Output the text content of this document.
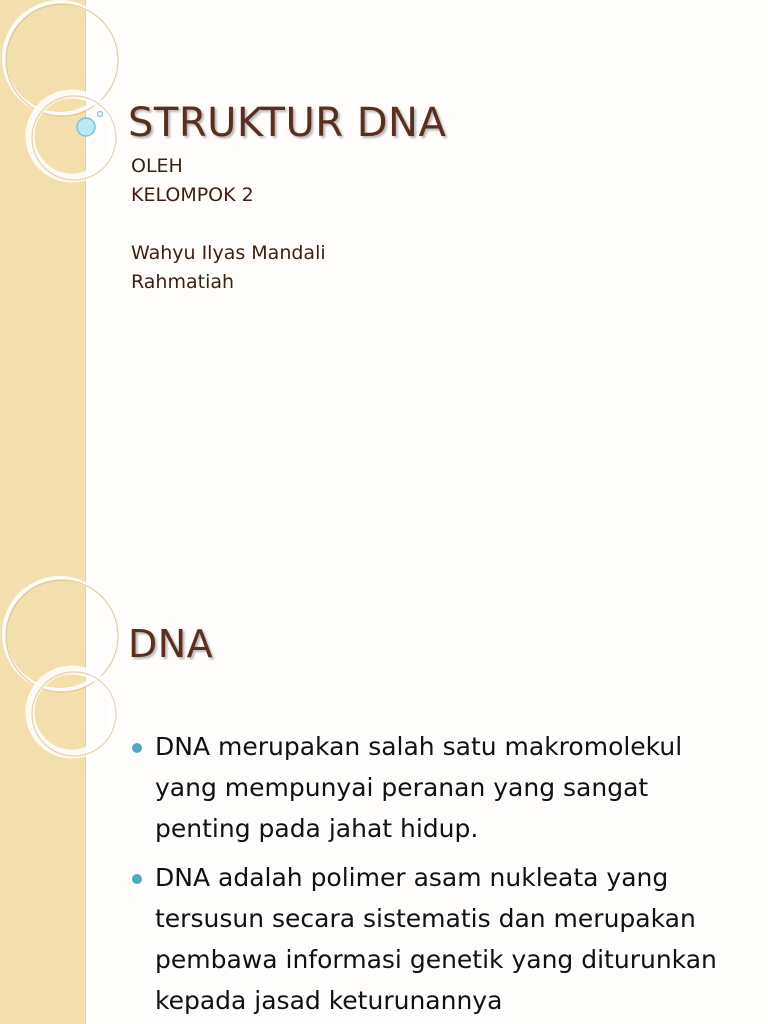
STRUKTUR DNA
OLEH
KELOMPOK 2
Wahyu Ilyas Mandali
Rahmatiah
DNA
DNA merupakan salah satu makromolekul yang mempunyai peranan yang sangat penting pada jahat hidup.
DNA adalah polimer asam nukleata yang tersusun secara sistematis dan merupakan pembawa informasi genetik yang diturunkan kepada jasad keturunannya
